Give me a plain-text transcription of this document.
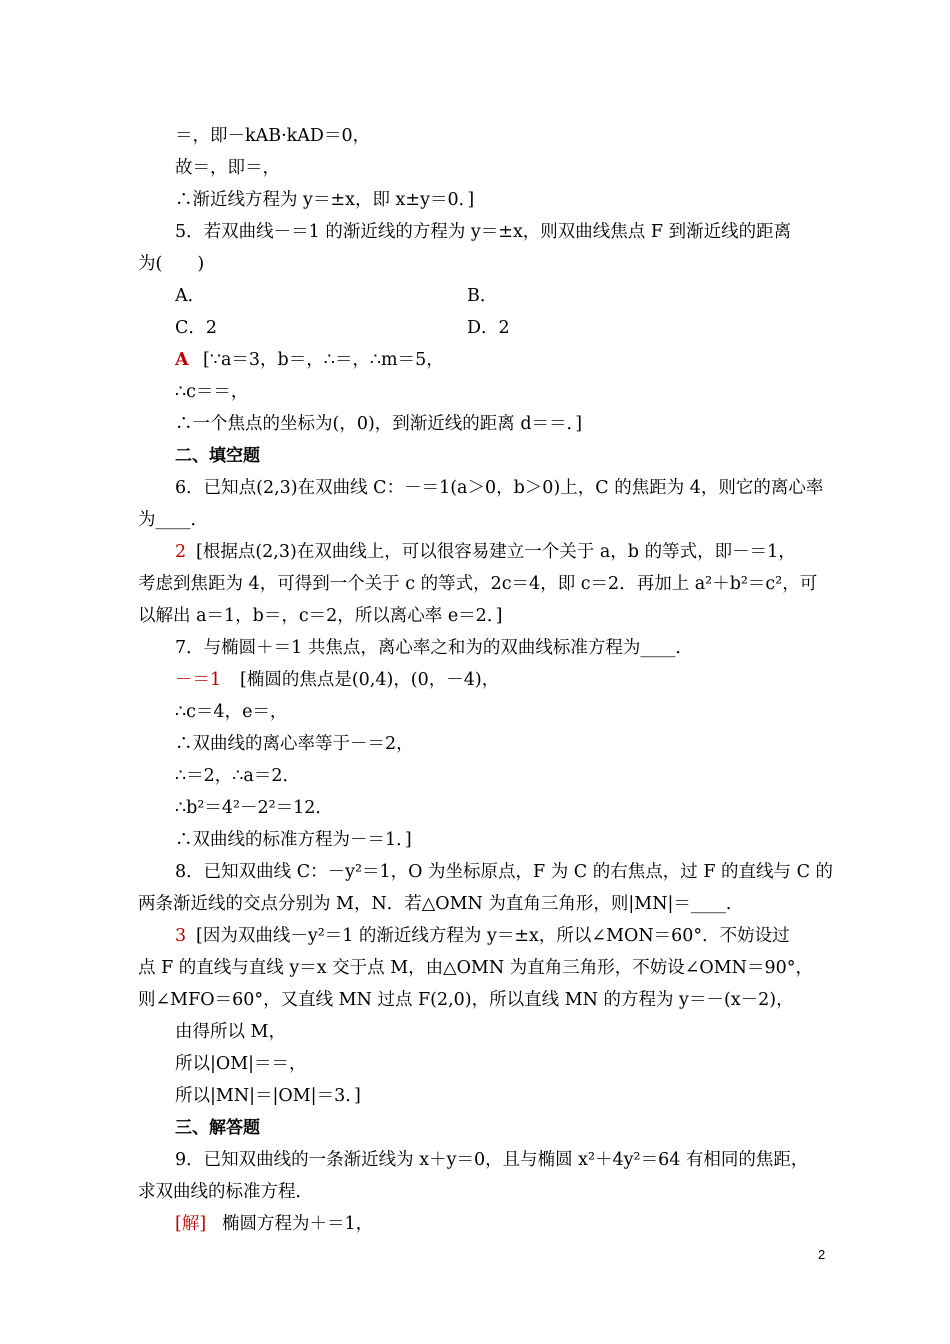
＝，即－kAB·kAD＝0，
故＝，即＝，
∴渐近线方程为 y＝±x，即 x±y＝0．]
5．若双曲线－＝1 的渐近线的方程为 y＝±x，则双曲线焦点 F 到渐近线的距离
为(　　)
A．	B．
C．2	D．2
A [∵a＝3，b＝，∴＝，∴m＝5，
∴c＝＝，
∴一个焦点的坐标为(，0)，到渐近线的距离 d＝＝．]
二、填空题
6．已知点(2,3)在双曲线 C：－＝1(a＞0，b＞0)上，C 的焦距为 4，则它的离心率
为____．
2 [根据点(2,3)在双曲线上，可以很容易建立一个关于 a，b 的等式，即－＝1，
考虑到焦距为 4，可得到一个关于 c 的等式，2c＝4，即 c＝2．再加上 a²＋b²＝c²，可
以解出 a＝1，b＝，c＝2，所以离心率 e＝2．]
7．与椭圆＋＝1 共焦点，离心率之和为的双曲线标准方程为____．
－＝1 [椭圆的焦点是(0,4)，(0，－4)，
∴c＝4，e＝，
∴双曲线的离心率等于－＝2，
∴＝2，∴a＝2．
∴b²＝4²－2²＝12．
∴双曲线的标准方程为－＝1．]
8．已知双曲线 C：－y²＝1，O 为坐标原点，F 为 C 的右焦点，过 F 的直线与 C 的
两条渐近线的交点分别为 M，N．若△OMN 为直角三角形，则|MN|＝____．
3 [因为双曲线－y²＝1 的渐近线方程为 y＝±x，所以∠MON＝60°．不妨设过
点 F 的直线与直线 y＝x 交于点 M，由△OMN 为直角三角形，不妨设∠OMN＝90°，
则∠MFO＝60°，又直线 MN 过点 F(2,0)，所以直线 MN 的方程为 y＝－(x－2)，
由得所以 M，
所以|OM|＝＝，
所以|MN|＝|OM|＝3．]
三、解答题
9．已知双曲线的一条渐近线为 x＋y＝0，且与椭圆 x²＋4y²＝64 有相同的焦距，
求双曲线的标准方程．
[解] 椭圆方程为＋＝1，
2
